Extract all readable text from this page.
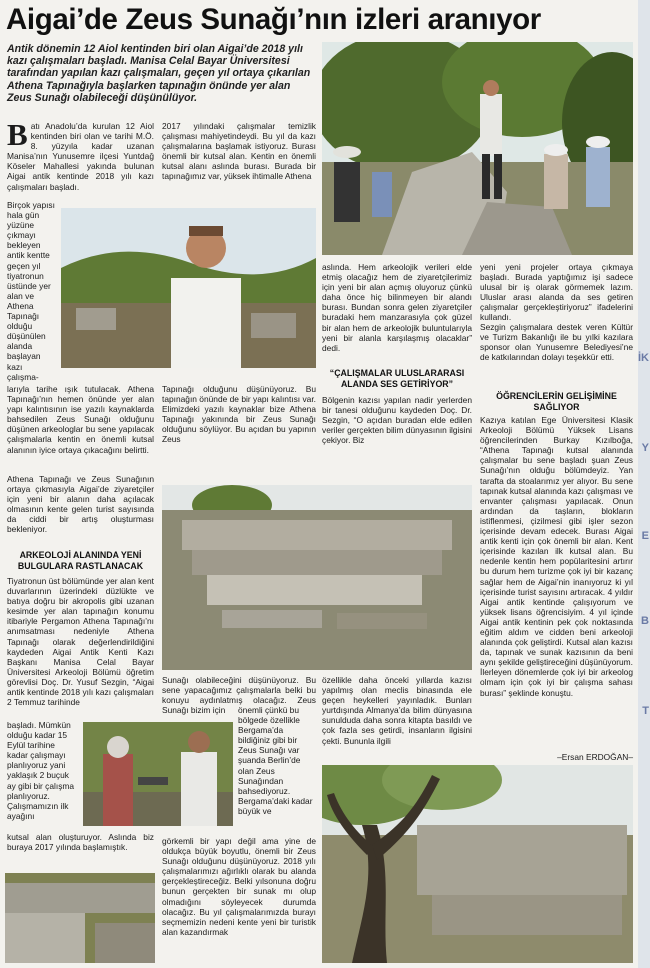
İK
Y
E
B
T
Aigai’de Zeus Sunağı’nın izleri aranıyor
Antik dönemin 12 Aiol kentinden biri olan Aigai’de 2018 yılı kazı çalışmaları başladı. Manisa Celal Bayar Üniversitesi tarafından yapılan kazı çalışmaları, geçen yıl ortaya çıkarılan Athena Tapınağıyla başlarken tapınağın önünde yer alan Zeus Sunağı olabileceği düşünülüyor.
Batı Anadolu’da kurulan 12 Aiol kentinden biri olan ve tarihi M.Ö. 8. yüzyıla kadar uzanan Manisa’nın Yunusemre ilçesi Yuntdağ Köseler Mahallesi yakında bulunan Aigai antik kentinde 2018 yılı kazı çalışmaları başladı.
Birçok yapısı hala gün yüzüne çıkmayı bekleyen antik kentte geçen yıl tiyatronun üstünde yer alan ve Athena Tapınağı olduğu düşünülen alanda başlayan kazı çalışma-
larıyla tarihe ışık tutulacak. Athena Tapınağı’nın hemen önünde yer alan yapı kalıntısının ise yazılı kaynaklarda bahsedilen Zeus Sunağı olduğunu düşünen arkeologlar bu sene yapılacak çalışmalarla kentin en önemli kutsal alanının iyice ortaya çıkacağını belirtti.
Athena Tapınağı ve Zeus Sunağının ortaya çıkmasıyla Aigai’de ziyaretçiler için yeni bir alanın daha açılacak olmasının kente gelen turist sayısında da ciddi bir artış oluşturması bekleniyor.
ARKEOLOJİ ALANINDA YENİ BULGULARA RASTLANACAK
Tiyatronun üst bölümünde yer alan kent duvarlarının üzerindeki düzlükte ve batıya doğru bir akropolis gibi uzanan kesimde yer alan tapınağın konumu itibariyle Pergamon Athena Tapınağı’nı anımsatması nedeniyle Athena Tapınağı olarak değerlendirildiğini kaydeden Aigai Antik Kenti Kazı Başkanı Manisa Celal Bayar Üniversitesi Arkeoloji Bölümü öğretim görevlisi Doç. Dr. Yusuf Sezgin, “Aigai antik kentinde 2018 yılı kazı çalışmaları 2 Temmuz tarihinde
başladı. Mümkün olduğu kadar 15 Eylül tarihine kadar çalışmayı planlıyoruz yani yaklaşık 2 buçuk ay gibi bir çalışma planlıyoruz. Çalışmamızın ilk ayağını
kutsal alan oluşturuyor. Aslında biz buraya 2017 yılında başlamıştık.
2017 yılındaki çalışmalar temizlik çalışması mahiyetindeydi. Bu yıl da kazı çalışmalarına başlamak istiyoruz. Burası önemli bir kutsal alan. Kentin en önemli kutsal alanı aslında burası. Burada bir tapınağımız var, yüksek ihtimalle Athena
Tapınağı olduğunu düşünüyoruz. Bu tapınağın önünde de bir yapı kalıntısı var. Elimizdeki yazılı kaynaklar bize Athena Tapınağı yakınında bir Zeus Sunağı olduğunu söylüyor. Bu açıdan bu yapının Zeus
Sunağı olabileceğini düşünüyoruz. Bu sene yapacağımız çalışmalarla belki bu konuyu aydınlatmış olacağız. Zeus Sunağı bizim için	önemli çünkü bu bölgede özellikle Bergama’da bildiğiniz gibi bir Zeus Sunağı var şuanda Berlin’de olan Zeus Sunağından bahsediyoruz. Bergama’daki kadar büyük ve
görkemli bir yapı değil ama yine de oldukça büyük boyutlu, önemli bir Zeus Sunağı olduğunu düşünüyoruz. 2018 yılı çalışmalarımızı ağırlıklı olarak bu alanda gerçekleştireceğiz. Belki yılsonuna doğru bunun gerçekten bir sunak mı olup olmadığını söyleyecek durumda olacağız. Bu yıl çalışmalarımızda burayı seçmemizin nedeni kente yeni bir turistik alan kazandırmak
aslında. Hem arkeolojik verileri elde etmiş olacağız hem de ziyaretçilerimiz için yeni bir alan açmış oluyoruz çünkü daha önce hiç bilinmeyen bir alandı burası. Bundan sonra gelen ziyaretçiler buradaki hem manzarasıyla çok güzel bir alan hem de arkeolojik buluntularıyla yeni bir alanla karşılaşmış olacaklar” dedi.
“ÇALIŞMALAR ULUSLARARASI ALANDA SES GETİRİYOR”
Bölgenin kazısı yapılan nadir yerlerden bir tanesi olduğunu kaydeden Doç. Dr. Sezgin, “O açıdan buradan elde edilen veriler gerçekten bilim dünyasının ilgisini çekiyor. Biz
özellikle daha önceki yıllarda kazısı yapılmış olan meclis binasında ele geçen heykelleri yayınladık. Bunları yurtdışında Almanya’da bilim dünyasına sunulduda daha sonra kitapta basıldı ve çok fazla ses getirdi, insanların ilgisini çekti. Bununla ilgili
yeni yeni projeler ortaya çıkmaya başladı. Burada yaptığımız işi sadece ulusal bir iş olarak görmemek lazım. Uluslar arası alanda da ses getiren çalışmalar gerçekleştiriyoruz” ifadelerini kullandı.
Sezgin çalışmalara destek veren Kültür ve Turizm Bakanlığı ile bu yılki kazılara sponsor olan Yunusemre Belediyesi’ne de katkılarından dolayı teşekkür etti.
ÖĞRENCİLERİN GELİŞİMİNE SAĞLIYOR
Kazıya katılan Ege Üniversitesi Klasik Arkeoloji Bölümü Yüksek Lisans öğrencilerinden Burkay Kızılboğa, “Athena Tapınağı kutsal alanında çalışmalar bu sene başladı şuan Zeus Sunağı’nın olduğu bölümdeyiz. Yan tarafta da stoalarımız yer alıyor. Bu sene tapınak kutsal alanında kazı çalışması ve envanter çalışması yapılacak. Onun ardından da taşların, blokların istiflenmesi, çizilmesi gibi işler sezon içerisinde devam edecek. Burası Aigai antik kenti için çok önemli bir alan. Kent içerisinde kazılan ilk kutsal alan. Bu nedenle kentin hem popülaritesini artırır bu durum hem turizme çok iyi bir kazanç sağlar hem de Aigai’nin inanıyoruz ki yıl içerisinde turist sayısını artıracak. 4 yıldır Aigai antik kentinde çalışıyorum ve yüksek lisans öğrencisiyim. 4 yıl içinde Aigai antik kentinin pek çok noktasında eğitim aldım ve cidden beni arkeoloji alanında çok geliştirdi. Kutsal alan kazısı da, tapınak ve sunak kazısının da beni aynı şekilde geliştireceğini düşünüyorum. İlerleyen dönemlerde çok iyi bir arkeolog olmam için çok iyi bir çalışma sahası burası” şeklinde konuştu.
–Ersan ERDOĞAN–
